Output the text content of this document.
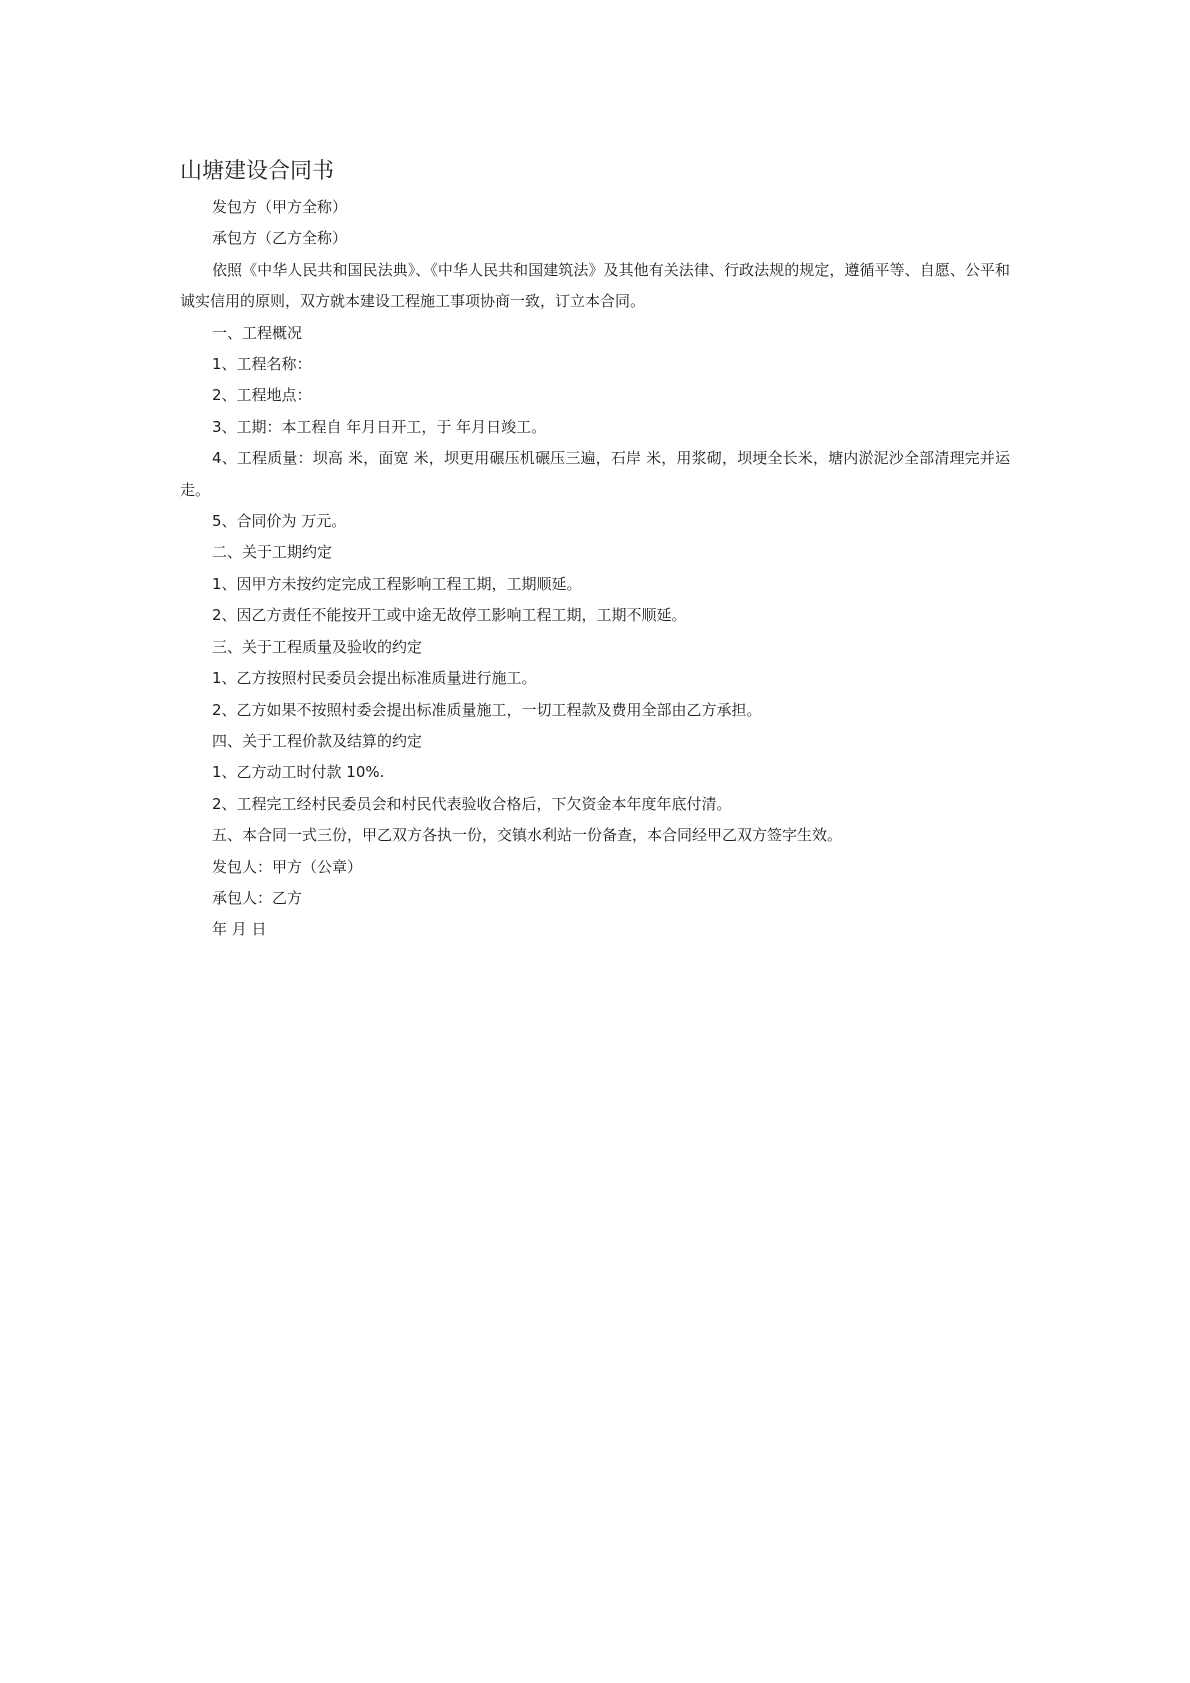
山塘建设合同书

发包方（甲方全称）

承包方（乙方全称）

依照《中华人民共和国民法典》、《中华人民共和国建筑法》及其他有关法律、行政法规的规定，遵循平等、自愿、公平和诚实信用的原则，双方就本建设工程施工事项协商一致，订立本合同。

一、工程概况

1、工程名称：

2、工程地点：

3、工期：本工程自 年月日开工，于 年月日竣工。

4、工程质量：坝高 米，面宽 米，坝更用碾压机碾压三遍，石岸 米，用浆砌，坝埂全长米，塘内淤泥沙全部清理完并运走。

5、合同价为 万元。

二、关于工期约定

1、因甲方未按约定完成工程影响工程工期，工期顺延。

2、因乙方责任不能按开工或中途无故停工影响工程工期，工期不顺延。

三、关于工程质量及验收的约定

1、乙方按照村民委员会提出标准质量进行施工。

2、乙方如果不按照村委会提出标准质量施工，一切工程款及费用全部由乙方承担。

四、关于工程价款及结算的约定

1、乙方动工时付款 10%.

2、工程完工经村民委员会和村民代表验收合格后，下欠资金本年度年底付清。

五、本合同一式三份，甲乙双方各执一份，交镇水利站一份备查，本合同经甲乙双方签字生效。

发包人：甲方（公章）

承包人：乙方

年 月 日
